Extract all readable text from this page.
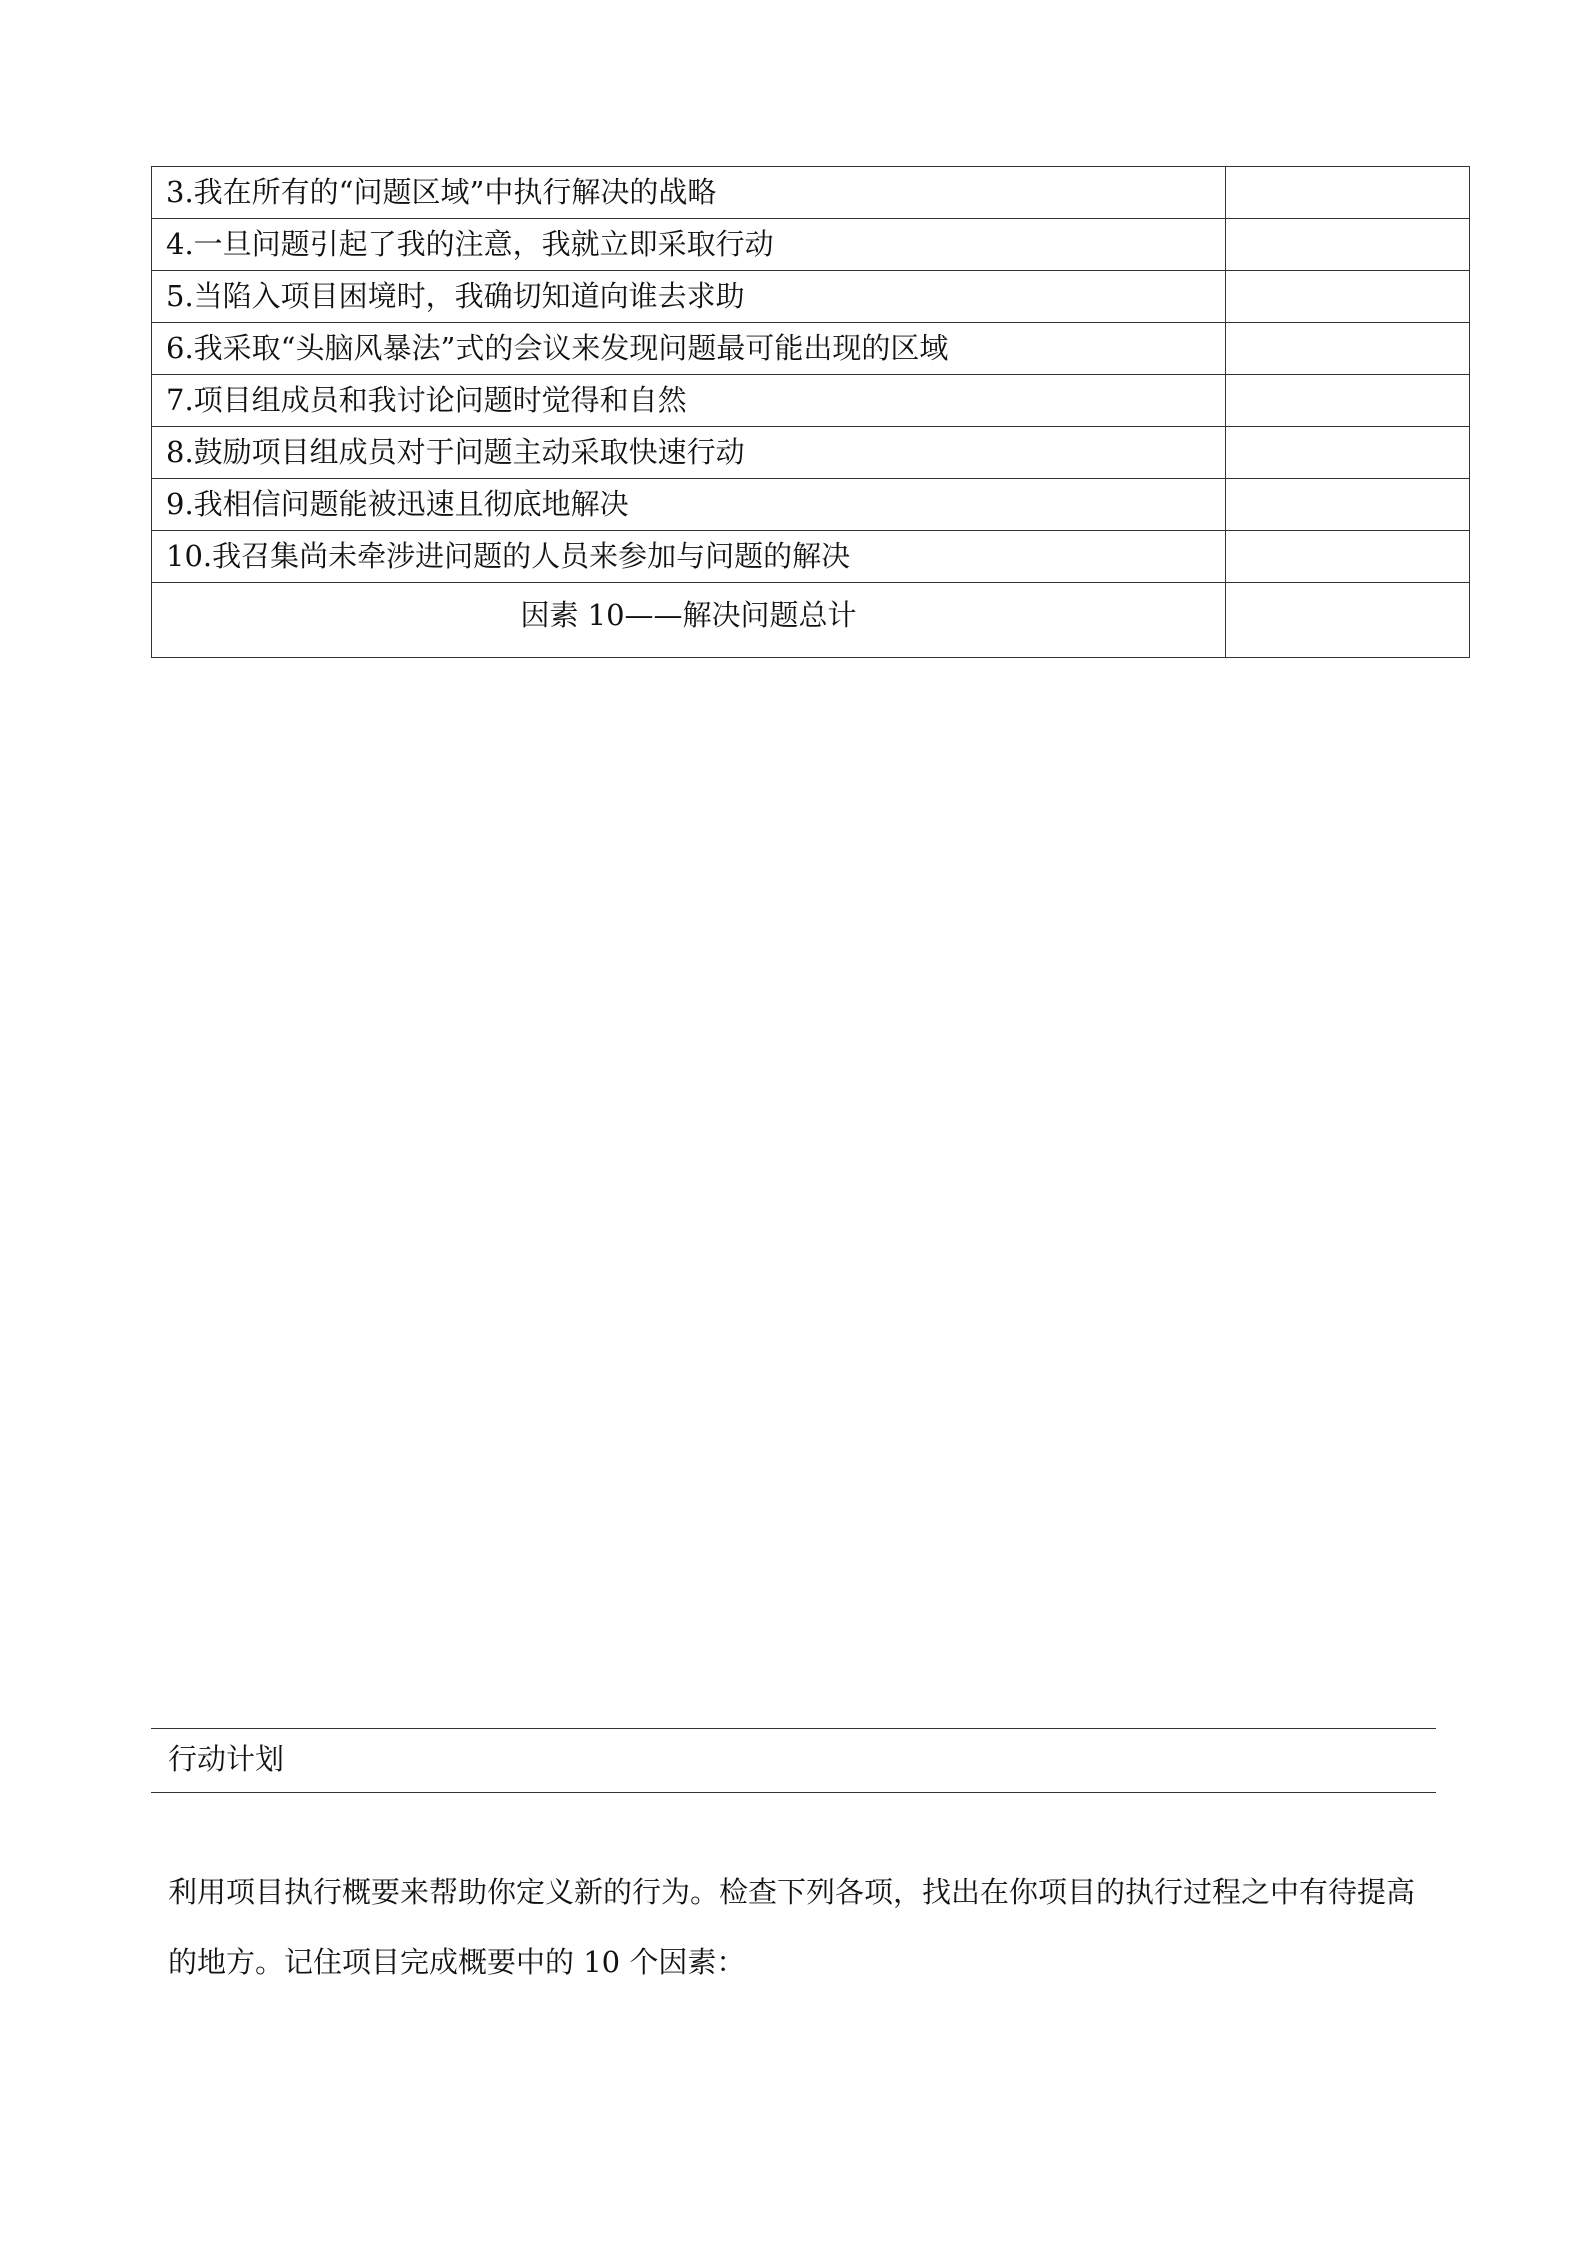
3.我在所有的“问题区域”中执行解决的战略	
4.一旦问题引起了我的注意，我就立即采取行动	
5.当陷入项目困境时，我确切知道向谁去求助	
6.我采取“头脑风暴法”式的会议来发现问题最可能出现的区域	
7.项目组成员和我讨论问题时觉得和自然	
8.鼓励项目组成员对于问题主动采取快速行动	
9.我相信问题能被迅速且彻底地解决	
10.我召集尚未牵涉进问题的人员来参加与问题的解决	
因素 10——解决问题总计	
行动计划

利用项目执行概要来帮助你定义新的行为。检查下列各项，找出在你项目的执行过程之中有待提高的地方。记住项目完成概要中的 10 个因素：
